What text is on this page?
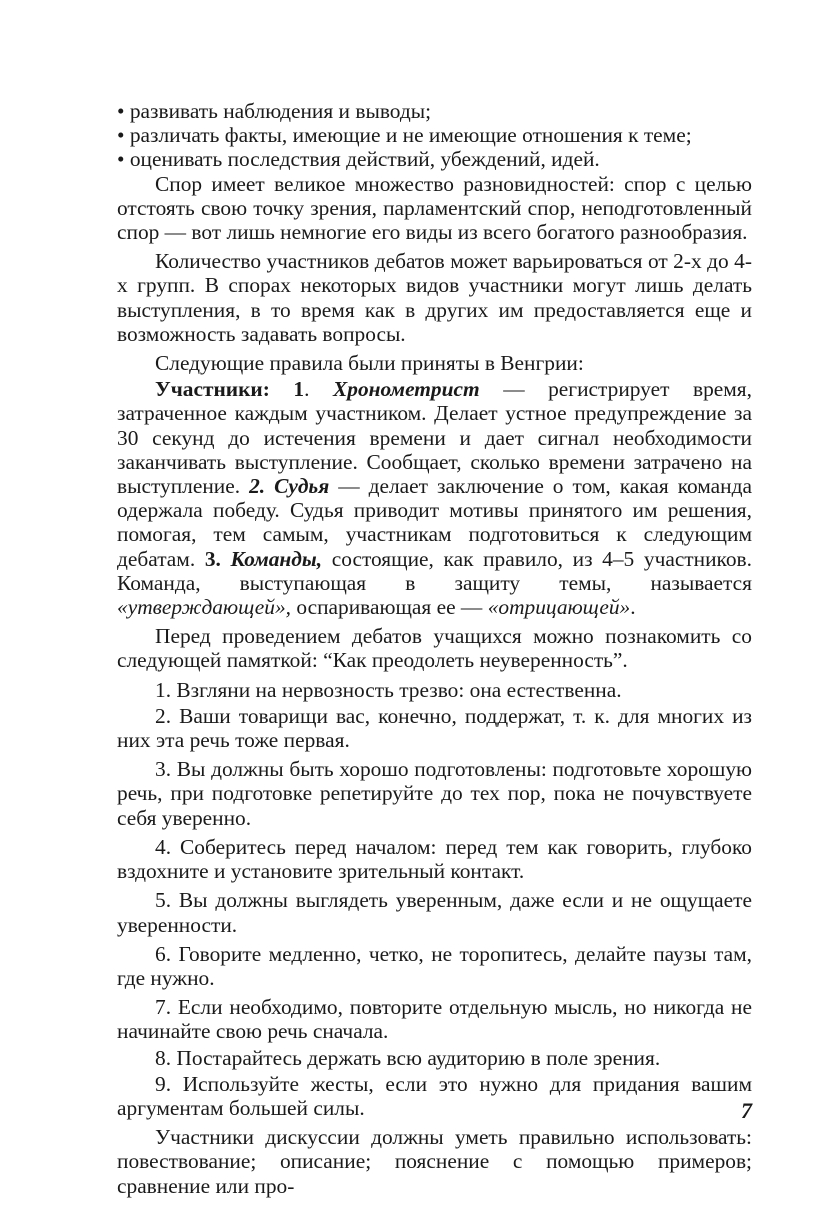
• развивать наблюдения и выводы;

• различать факты, имеющие и не имеющие отношения к теме;

• оценивать последствия действий, убеждений, идей.

Спор имеет великое множество разновидностей: спор с целью отстоять свою точку зрения, парламентский спор, неподготовленный спор — вот лишь немногие его виды из всего богатого разнообразия.

Количество участников дебатов может варьироваться от 2-х до 4-х групп. В спорах некоторых видов участники могут лишь делать выступления, в то время как в других им предоставляется еще и возможность задавать вопросы.

Следующие правила были приняты в Венгрии:

Участники: 1. Хронометрист — регистрирует время, затраченное каждым участником. Делает устное предупреждение за 30 секунд до истечения времени и дает сигнал необходимости заканчивать выступление. Сообщает, сколько времени затрачено на выступление. 2. Судья — делает заключение о том, какая команда одержала победу. Судья приводит мотивы принятого им решения, помогая, тем самым, участникам подготовиться к следующим дебатам. 3. Команды, состоящие, как правило, из 4–5 участников. Команда, выступающая в защиту темы, называется «утверждающей», оспаривающая ее — «отрицающей».

Перед проведением дебатов учащихся можно познакомить со следующей памяткой: “Как преодолеть неуверенность”.

1. Взгляни на нервозность трезво: она естественна.

2. Ваши товарищи вас, конечно, поддержат, т. к. для многих из них эта речь тоже первая.

3. Вы должны быть хорошо подготовлены: подготовьте хорошую речь, при подготовке репетируйте до тех пор, пока не почувствуете себя уверенно.

4. Соберитесь перед началом: перед тем как говорить, глубоко вздохните и установите зрительный контакт.

5. Вы должны выглядеть уверенным, даже если и не ощущаете уверенности.

6. Говорите медленно, четко, не торопитесь, делайте паузы там, где нужно.

7. Если необходимо, повторите отдельную мысль, но никогда не начинайте свою речь сначала.

8. Постарайтесь держать всю аудиторию в поле зрения.

9. Используйте жесты, если это нужно для придания вашим аргументам большей силы.

Участники дискуссии должны уметь правильно использовать: повествование; описание; пояснение с помощью примеров; сравнение или про-

7
